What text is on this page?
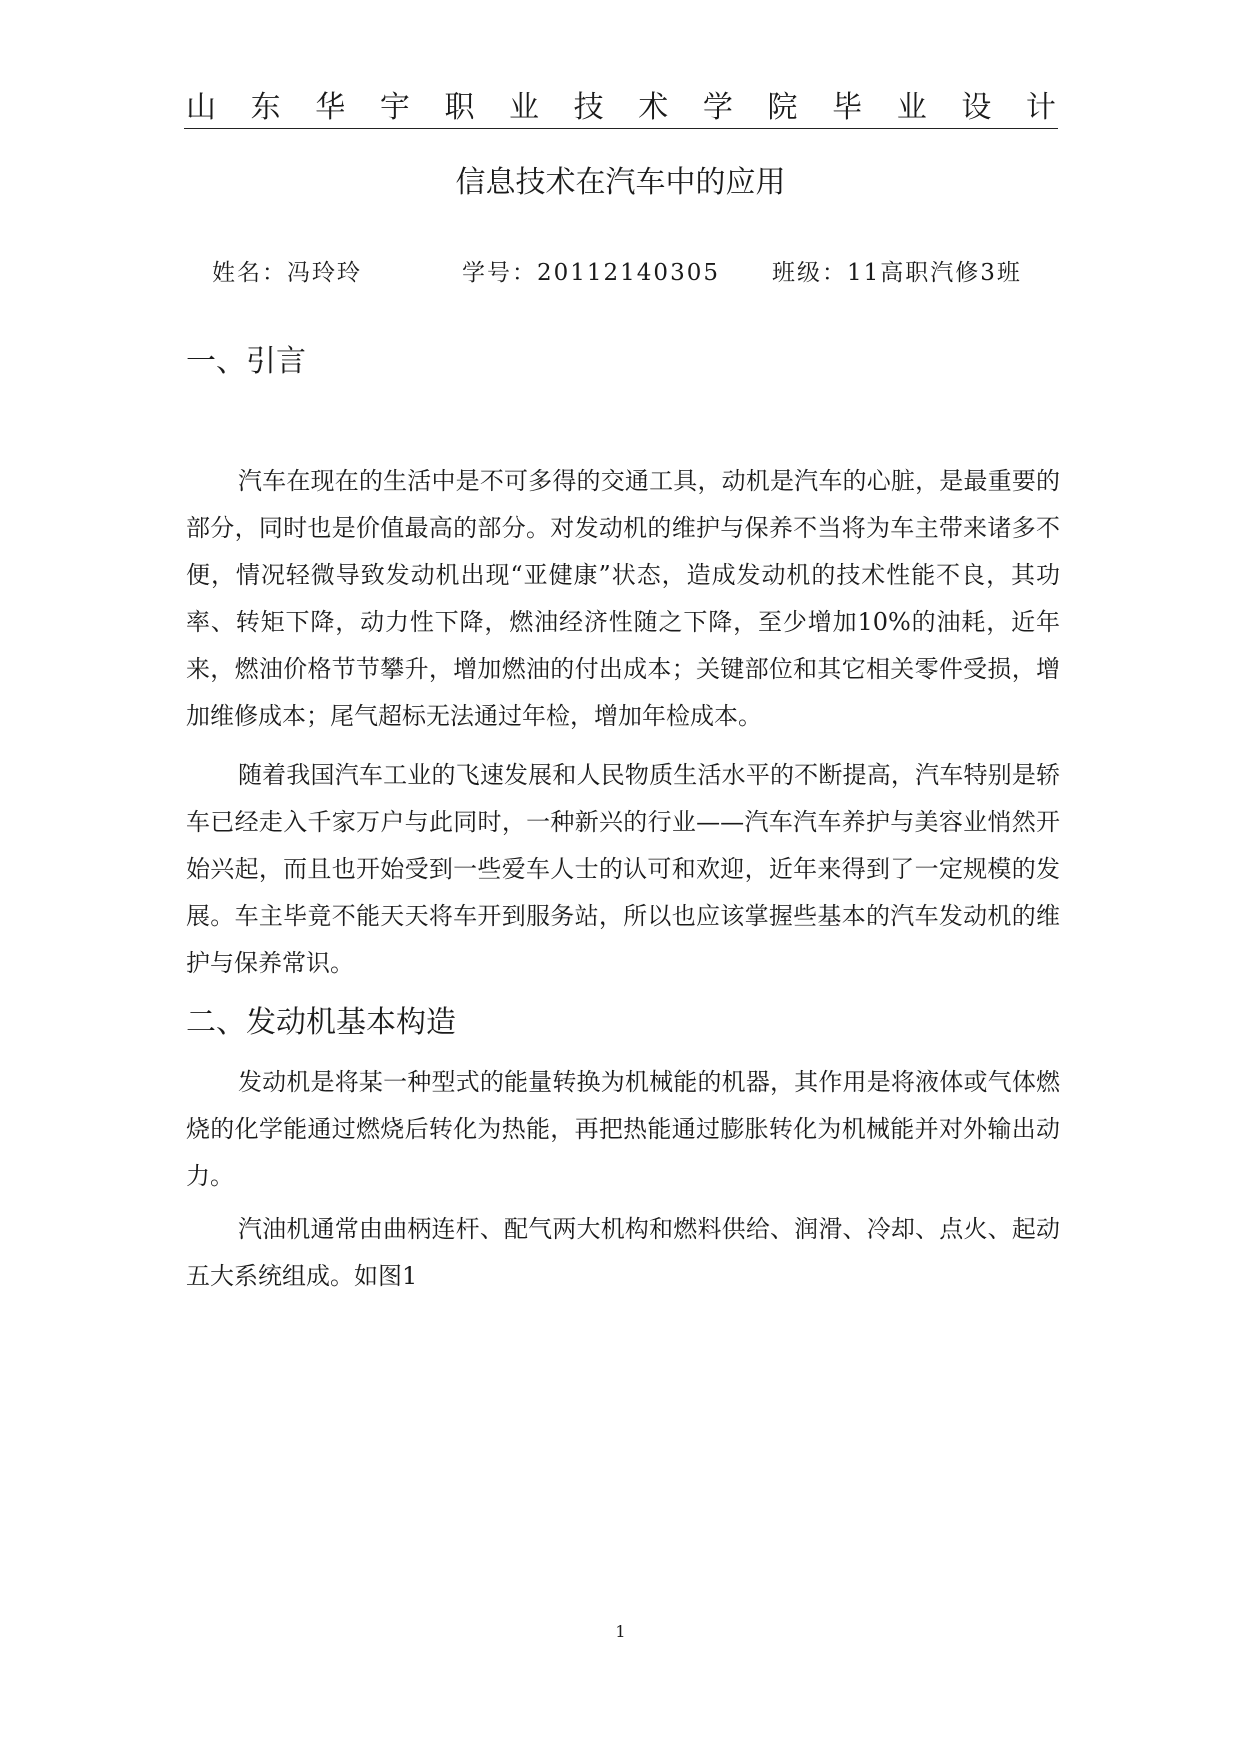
山 东 华 宇 职 业 技 术 学 院 毕 业 设 计
信息技术在汽车中的应用
姓名：冯玲玲	学号：20112140305 班级：11高职汽修3班
一、引言

汽车在现在的生活中是不可多得的交通工具，动机是汽车的心脏，是最重要的部分，同时也是价值最高的部分。对发动机的维护与保养不当将为车主带来诸多不便，情况轻微导致发动机出现“亚健康”状态，造成发动机的技术性能不良，其功率、转矩下降，动力性下降，燃油经济性随之下降，至少增加10%的油耗，近年来，燃油价格节节攀升，增加燃油的付出成本；关键部位和其它相关零件受损，增加维修成本；尾气超标无法通过年检，增加年检成本。

随着我国汽车工业的飞速发展和人民物质生活水平的不断提高，汽车特别是轿车已经走入千家万户与此同时，一种新兴的行业——汽车汽车养护与美容业悄然开始兴起，而且也开始受到一些爱车人士的认可和欢迎，近年来得到了一定规模的发展。车主毕竟不能天天将车开到服务站，所以也应该掌握些基本的汽车发动机的维护与保养常识。

二、发动机基本构造

发动机是将某一种型式的能量转换为机械能的机器，其作用是将液体或气体燃烧的化学能通过燃烧后转化为热能，再把热能通过膨胀转化为机械能并对外输出动力。

汽油机通常由曲柄连杆、配气两大机构和燃料供给、润滑、冷却、点火、起动五大系统组成。如图1

1
